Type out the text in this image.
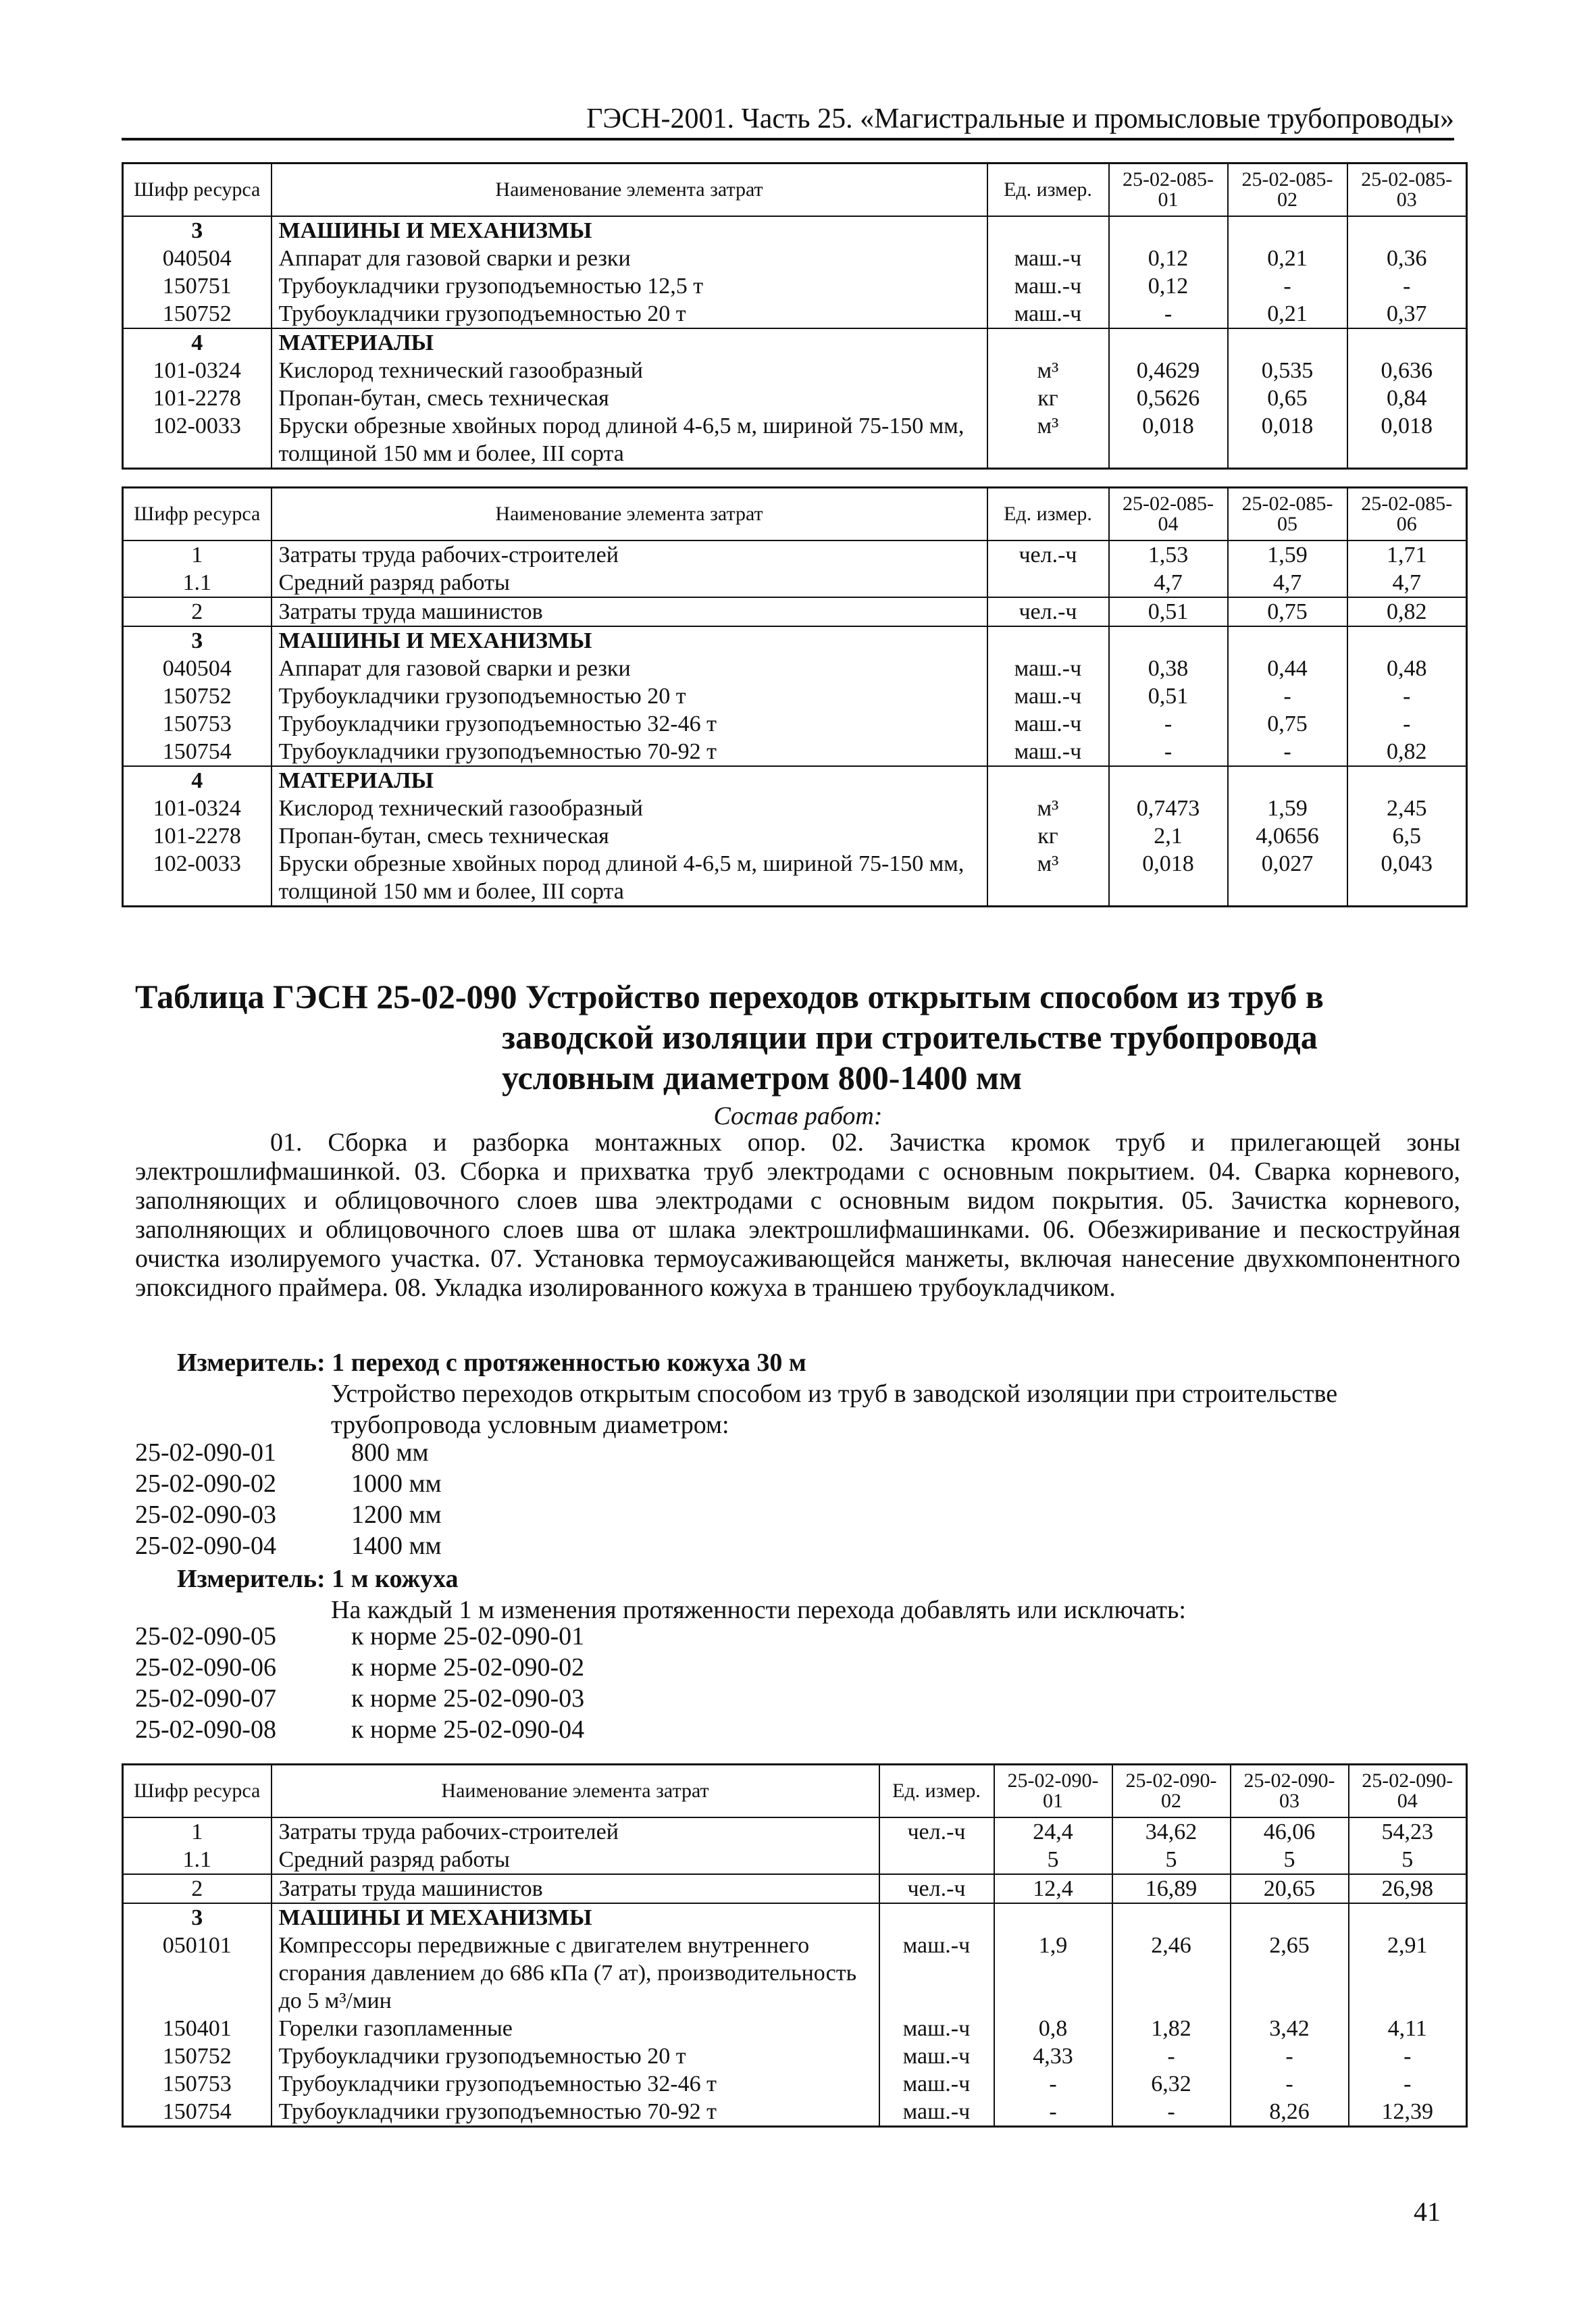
ГЭСН-2001. Часть 25. «Магистральные и промысловые трубопроводы»
Шифр ресурса	Наименование элемента затрат	Ед. измер.	25-02-085-01	25-02-085-02	25-02-085-03
3	МАШИНЫ И МЕХАНИЗМЫ				
040504	Аппарат для газовой сварки и резки	маш.-ч	0,12	0,21	0,36
150751	Трубоукладчики грузоподъемностью 12,5 т	маш.-ч	0,12	-	-
150752	Трубоукладчики грузоподъемностью 20 т	маш.-ч	-	0,21	0,37
4	МАТЕРИАЛЫ				
101-0324	Кислород технический газообразный	м³	0,4629	0,535	0,636
101-2278	Пропан-бутан, смесь техническая	кг	0,5626	0,65	0,84
102-0033	Бруски обрезные хвойных пород длиной 4-6,5 м, шириной 75-150 мм, толщиной 150 мм и более, III сорта	м³	0,018	0,018	0,018
Шифр ресурса	Наименование элемента затрат	Ед. измер.	25-02-085-04	25-02-085-05	25-02-085-06
1	Затраты труда рабочих-строителей	чел.-ч	1,53	1,59	1,71
1.1	Средний разряд работы		4,7	4,7	4,7
2	Затраты труда машинистов	чел.-ч	0,51	0,75	0,82
3	МАШИНЫ И МЕХАНИЗМЫ				
040504	Аппарат для газовой сварки и резки	маш.-ч	0,38	0,44	0,48
150752	Трубоукладчики грузоподъемностью 20 т	маш.-ч	0,51	-	-
150753	Трубоукладчики грузоподъемностью 32-46 т	маш.-ч	-	0,75	-
150754	Трубоукладчики грузоподъемностью 70-92 т	маш.-ч	-	-	0,82
4	МАТЕРИАЛЫ				
101-0324	Кислород технический газообразный	м³	0,7473	1,59	2,45
101-2278	Пропан-бутан, смесь техническая	кг	2,1	4,0656	6,5
102-0033	Бруски обрезные хвойных пород длиной 4-6,5 м, шириной 75-150 мм, толщиной 150 мм и более, III сорта	м³	0,018	0,027	0,043
Таблица ГЭСН 25-02-090 Устройство переходов открытым способом из труб в
заводской изоляции при строительстве трубопровода
условным диаметром 800-1400 мм
Состав работ:
01. Сборка и разборка монтажных опор. 02. Зачистка кромок труб и прилегающей зоны электрошлифмашинкой. 03. Сборка и прихватка труб электродами с основным покрытием. 04. Сварка корневого, заполняющих и облицовочного слоев шва электродами с основным видом покрытия. 05. Зачистка корневого, заполняющих и облицовочного слоев шва от шлака электрошлифмашинками. 06. Обезжиривание и пескоструйная очистка изолируемого участка. 07. Установка термоусаживающейся манжеты, включая нанесение двухкомпонентного эпоксидного праймера. 08. Укладка изолированного кожуха в траншею трубоукладчиком.
Измеритель: 1 переход с протяженностью кожуха 30 м
Устройство переходов открытым способом из труб в заводской изоляции при строительстве трубопровода условным диаметром:
25-02-090-01	800 мм
25-02-090-02	1000 мм
25-02-090-03	1200 мм
25-02-090-04	1400 мм
Измеритель: 1 м кожуха
На каждый 1 м изменения протяженности перехода добавлять или исключать:
25-02-090-05	к норме 25-02-090-01
25-02-090-06	к норме 25-02-090-02
25-02-090-07	к норме 25-02-090-03
25-02-090-08	к норме 25-02-090-04
Шифр ресурса	Наименование элемента затрат	Ед. измер.	25-02-090-01	25-02-090-02	25-02-090-03	25-02-090-04
1	Затраты труда рабочих-строителей	чел.-ч	24,4	34,62	46,06	54,23
1.1	Средний разряд работы		5	5	5	5
2	Затраты труда машинистов	чел.-ч	12,4	16,89	20,65	26,98
3	МАШИНЫ И МЕХАНИЗМЫ					
050101	Компрессоры передвижные с двигателем внутреннего сгорания давлением до 686 кПа (7 ат), производительность до 5 м³/мин	маш.-ч	1,9	2,46	2,65	2,91
150401	Горелки газопламенные	маш.-ч	0,8	1,82	3,42	4,11
150752	Трубоукладчики грузоподъемностью 20 т	маш.-ч	4,33	-	-	-
150753	Трубоукладчики грузоподъемностью 32-46 т	маш.-ч	-	6,32	-	-
150754	Трубоукладчики грузоподъемностью 70-92 т	маш.-ч	-	-	8,26	12,39
41
